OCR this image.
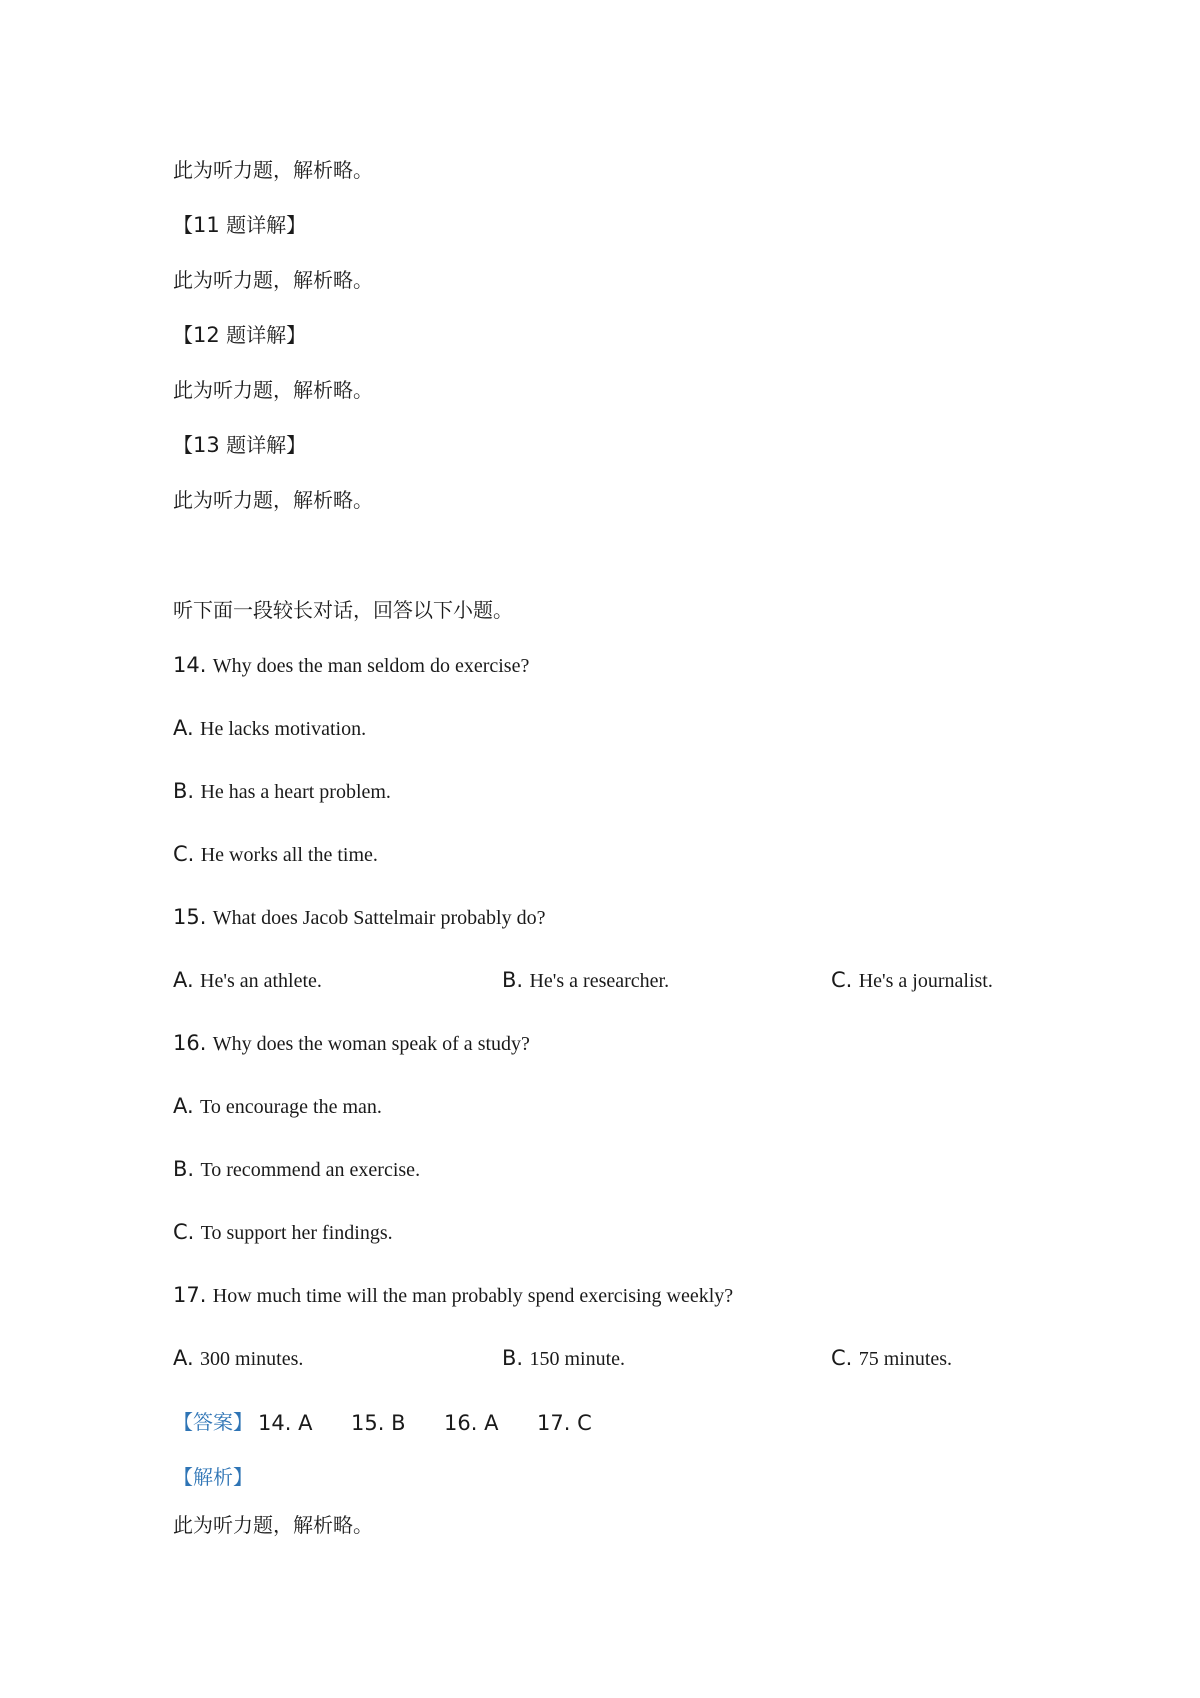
此为听力题，解析略。
【11 题详解】
此为听力题，解析略。
【12 题详解】
此为听力题，解析略。
【13 题详解】
此为听力题，解析略。
听下面一段较长对话，回答以下小题。
14. Why does the man seldom do exercise?
A. He lacks motivation.
B. He has a heart problem.
C. He works all the time.
15. What does Jacob Sattelmair probably do?
A. He's an athlete.	B. He's a researcher.	C. He's a journalist.
16. Why does the woman speak of a study?
A. To encourage the man.
B. To recommend an exercise.
C. To support her findings.
17. How much time will the man probably spend exercising weekly?
A. 300 minutes.	B. 150 minute.	C. 75 minutes.
【答案】 14. A 15. B 16. A 17. C
【解析】
此为听力题，解析略。
